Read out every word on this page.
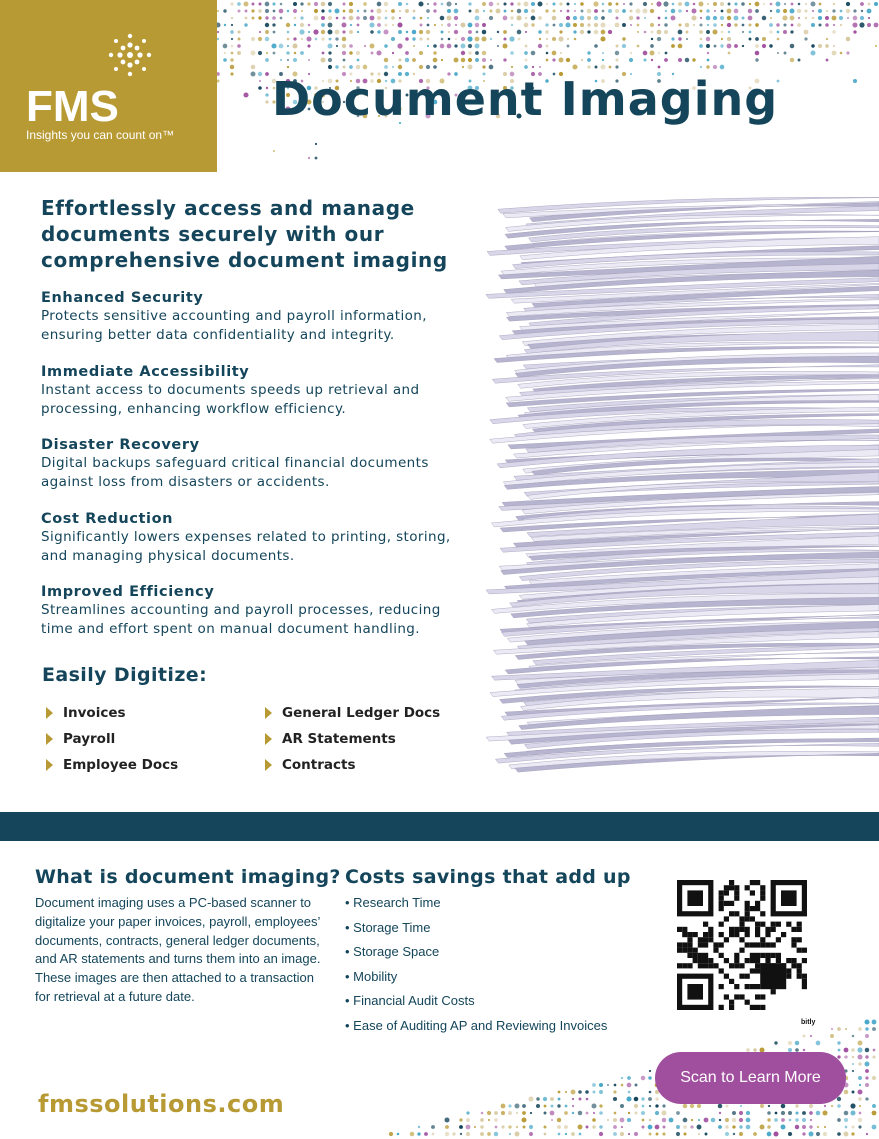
FMS
Insights you can count on™
Document Imaging
Effortlessly access and manage documents securely with our comprehensive document imaging
Enhanced Security
Protects sensitive accounting and payroll information, ensuring better data confidentiality and integrity.
Immediate Accessibility
Instant access to documents speeds up retrieval and processing, enhancing workflow efficiency.
Disaster Recovery
Digital backups safeguard critical financial documents against loss from disasters or accidents.
Cost Reduction
Significantly lowers expenses related to printing, storing, and managing physical documents.
Improved Efficiency
Streamlines accounting and payroll processes, reducing time and effort spent on manual document handling.
Easily Digitize:
Invoices
Payroll
Employee Docs
General Ledger Docs
AR Statements
Contracts
What is document imaging?
Document imaging uses a PC-based scanner to digitalize your paper invoices, payroll, employees’ documents, contracts, general ledger documents, and AR statements and turns them into an image. These images are then attached to a transaction for retrieval at a future date.
Costs savings that add up
• Research Time
• Storage Time
• Storage Space
• Mobility
• Financial Audit Costs
• Ease of Auditing AP and Reviewing Invoices	bitly
Scan to Learn More
fmssolutions.com
